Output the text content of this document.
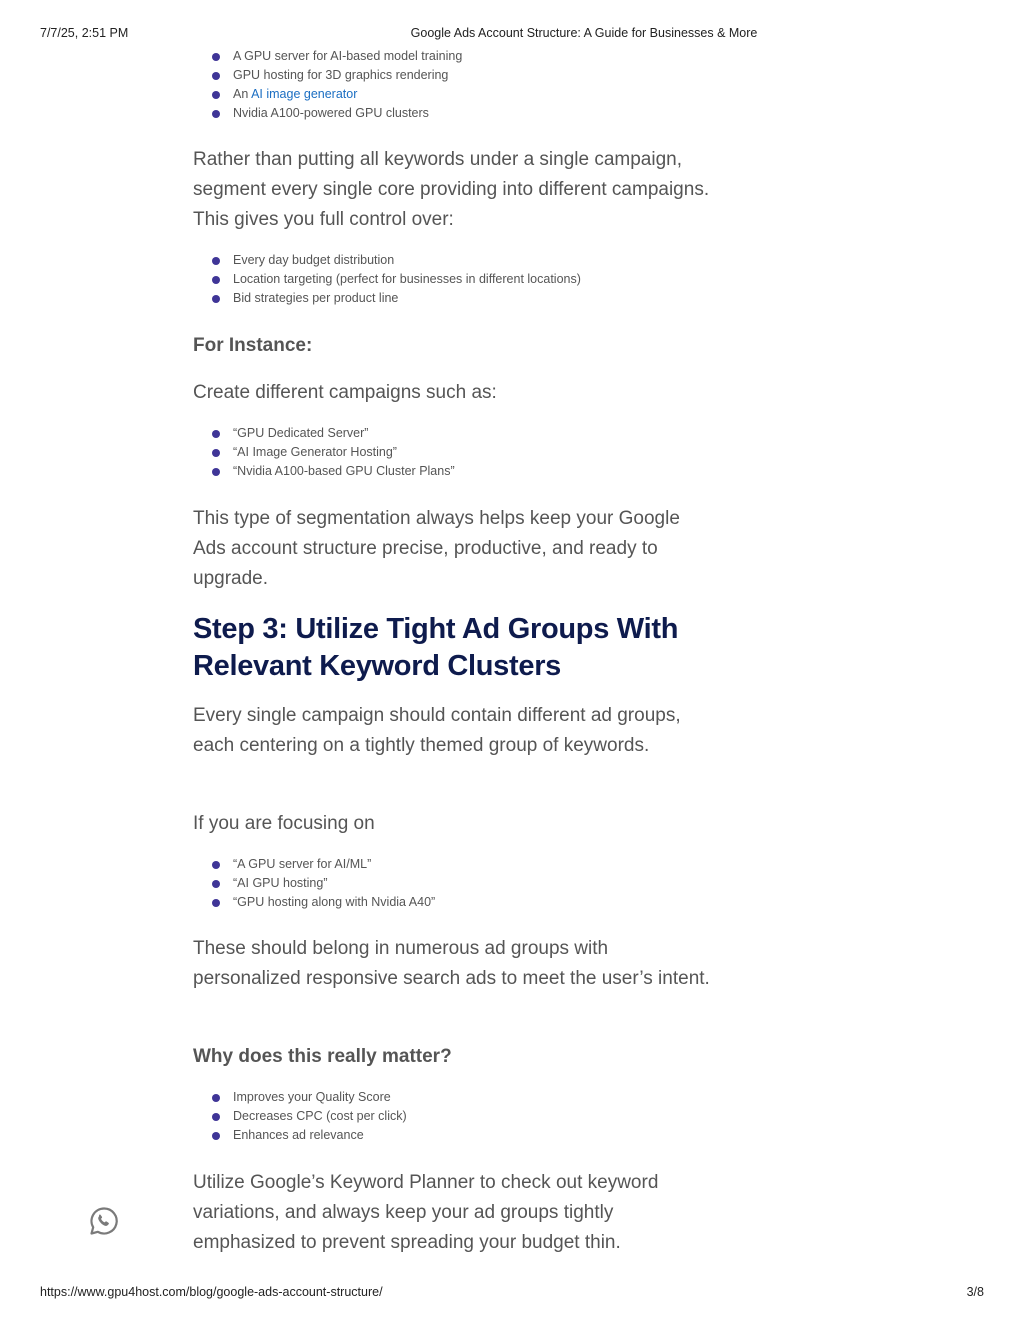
7/7/25, 2:51 PM	Google Ads Account Structure: A Guide for Businesses & More
A GPU server for AI-based model training
GPU hosting for 3D graphics rendering
An AI image generator
Nvidia A100-powered GPU clusters

Rather than putting all keywords under a single campaign, segment every single core providing into different campaigns. This gives you full control over:

Every day budget distribution
Location targeting (perfect for businesses in different locations)
Bid strategies per product line
For Instance:

Create different campaigns such as:

“GPU Dedicated Server”
“AI Image Generator Hosting”
“Nvidia A100-based GPU Cluster Plans”

This type of segmentation always helps keep your Google Ads account structure precise, productive, and ready to upgrade.

Step 3: Utilize Tight Ad Groups With Relevant Keyword Clusters

Every single campaign should contain different ad groups, each centering on a tightly themed group of keywords.

If you are focusing on

“A GPU server for AI/ML”
“AI GPU hosting”
“GPU hosting along with Nvidia A40”

These should belong in numerous ad groups with personalized responsive search ads to meet the user’s intent.

Why does this really matter?
Improves your Quality Score
Decreases CPC (cost per click)
Enhances ad relevance

Utilize Google’s Keyword Planner to check out keyword variations, and always keep your ad groups tightly emphasized to prevent spreading your budget thin.

https://www.gpu4host.com/blog/google-ads-account-structure/	3/8
